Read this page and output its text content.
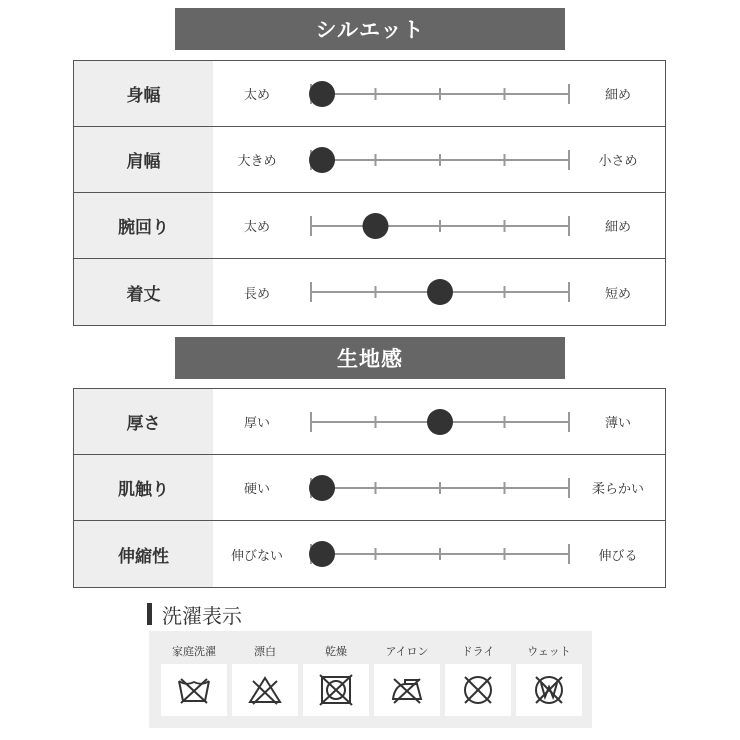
シルエット
身幅	太め	細め
肩幅	大きめ	小さめ
腕回り	太め	細め
着丈	長め	短め
生地感
厚さ	厚い	薄い
肌触り	硬い	柔らかい
伸縮性	伸びない	伸びる
洗濯表示
家庭洗濯	漂白	乾燥	アイロン	ドライ	ウェット
